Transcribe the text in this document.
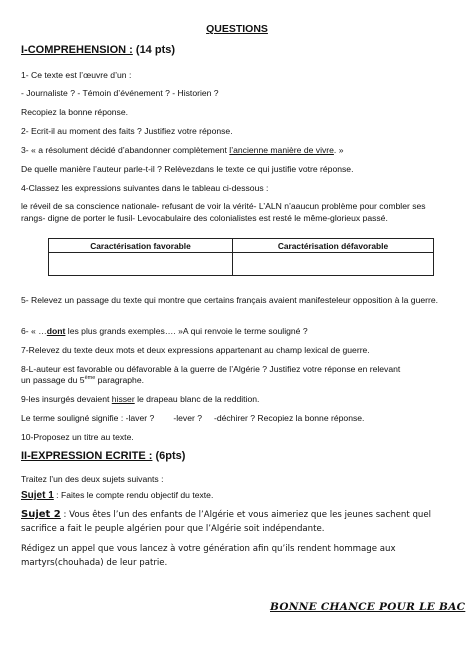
QUESTIONS
I-COMPREHENSION : (14 pts)
1- Ce texte est l’œuvre d’un :
- Journaliste ? - Témoin d’événement ? - Historien ?
Recopiez la bonne réponse.
2- Ecrit-il au moment des faits ? Justifiez votre réponse.
3- « a résolument décidé d’abandonner complètement l’ancienne manière de vivre. »
De quelle manière l’auteur parle-t-il ? Relèvezdans le texte ce qui justifie votre réponse.
4-Classez les expressions suivantes dans le tableau ci-dessous :
le réveil de sa conscience nationale- refusant de voir la vérité- L’ALN n’aaucun problème pour combler ses rangs- digne de porter le fusil- Levocabulaire des colonialistes est resté le même-glorieux passé.
Caractérisation favorable	Caractérisation défavorable

5- Relevez un passage du texte qui montre que certains français avaient manifesteleur opposition à la guerre.
6- « …dont les plus grands exemples…. »A qui renvoie le terme souligné ?
7-Relevez du texte deux mots et deux expressions appartenant au champ lexical de guerre.
8-L-auteur est favorable ou défavorable à la guerre de l’Algérie ? Justifiez votre réponse en relevant
un passage du 5ème paragraphe.
9-les insurgés devaient hisser le drapeau blanc de la reddition.
Le terme souligné signifie : -laver ?        -lever ?     -déchirer ? Recopiez la bonne réponse.
10-Proposez un titre au texte.
II-EXPRESSION ECRITE : (6pts)
Traitez l’un des deux sujets suivants :
Sujet 1 : Faites le compte rendu objectif du texte.
Sujet 2 : Vous êtes l’un des enfants de l’Algérie et vous aimeriez que les jeunes sachent quel sacrifice a fait le peuple algérien pour que l’Algérie soit indépendante.
Rédigez un appel que vous lancez à votre génération afin qu’ils rendent hommage aux martyrs(chouhada) de leur patrie.
BONNE CHANCE POUR LE BAC
